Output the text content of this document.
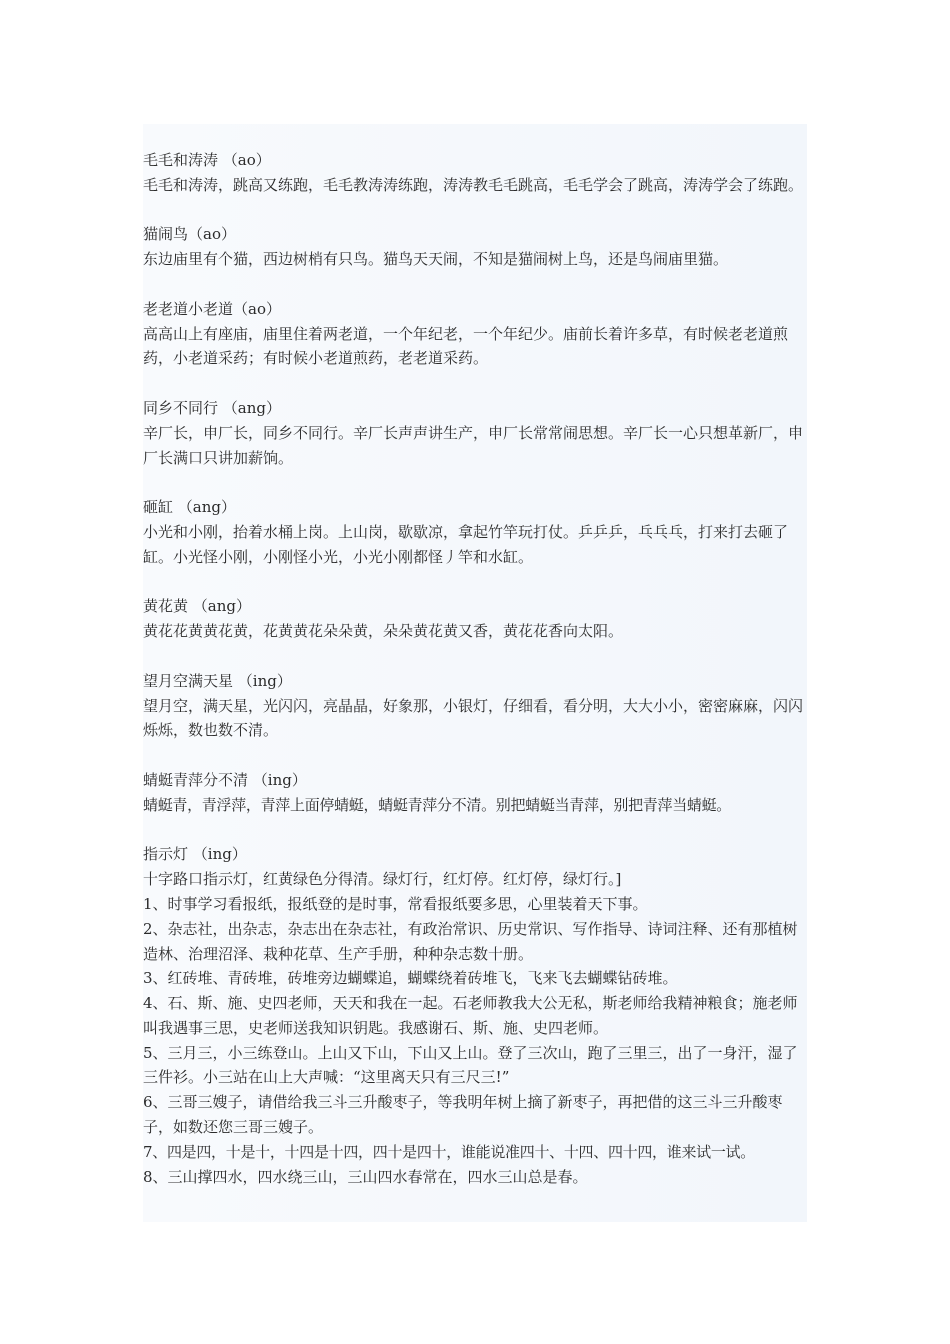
毛毛和涛涛 （ao）
毛毛和涛涛，跳高又练跑，毛毛教涛涛练跑，涛涛教毛毛跳高，毛毛学会了跳高，涛涛学会了练跑。
猫闹鸟（ao）
东边庙里有个猫，西边树梢有只鸟。猫鸟天天闹，不知是猫闹树上鸟，还是鸟闹庙里猫。
老老道小老道（ao）
高高山上有座庙，庙里住着两老道，一个年纪老，一个年纪少。庙前长着许多草，有时候老老道煎药，小老道采药；有时候小老道煎药，老老道采药。
同乡不同行 （ang）
辛厂长，申厂长，同乡不同行。辛厂长声声讲生产，申厂长常常闹思想。辛厂长一心只想革新厂，申厂长满口只讲加薪饷。
砸缸 （ang）
小光和小刚，抬着水桶上岗。上山岗，歇歇凉，拿起竹竿玩打仗。乒乒乒，乓乓乓，打来打去砸了缸。小光怪小刚，小刚怪小光，小光小刚都怪丿竿和水缸。
黄花黄 （ang）
黄花花黄黄花黄，花黄黄花朵朵黄，朵朵黄花黄又香，黄花花香向太阳。
望月空满天星 （ing）
望月空，满天星，光闪闪，亮晶晶，好象那，小银灯，仔细看，看分明，大大小小，密密麻麻，闪闪烁烁，数也数不清。
蜻蜓青萍分不清 （ing）
蜻蜓青，青浮萍，青萍上面停蜻蜓，蜻蜓青萍分不清。别把蜻蜓当青萍，别把青萍当蜻蜓。
指示灯 （ing）
十字路口指示灯，红黄绿色分得清。绿灯行，红灯停。红灯停，绿灯行。]
1、时事学习看报纸，报纸登的是时事，常看报纸要多思，心里装着天下事。
2、杂志社，出杂志，杂志出在杂志社，有政治常识、历史常识、写作指导、诗词注释、还有那植树造林、治理沼泽、栽种花草、生产手册，种种杂志数十册。
3、红砖堆、青砖堆，砖堆旁边蝴蝶追，蝴蝶绕着砖堆飞，飞来飞去蝴蝶钻砖堆。
4、石、斯、施、史四老师，天天和我在一起。石老师教我大公无私，斯老师给我精神粮食；施老师叫我遇事三思，史老师送我知识钥匙。我感谢石、斯、施、史四老师。
5、三月三，小三练登山。上山又下山，下山又上山。登了三次山，跑了三里三，出了一身汗，湿了三件衫。小三站在山上大声喊：“这里离天只有三尺三!”
6、三哥三嫂子，请借给我三斗三升酸枣子，等我明年树上摘了新枣子，再把借的这三斗三升酸枣子，如数还您三哥三嫂子。
7、四是四，十是十，十四是十四，四十是四十，谁能说准四十、十四、四十四，谁来试一试。
8、三山撑四水，四水绕三山，三山四水春常在，四水三山总是春。
